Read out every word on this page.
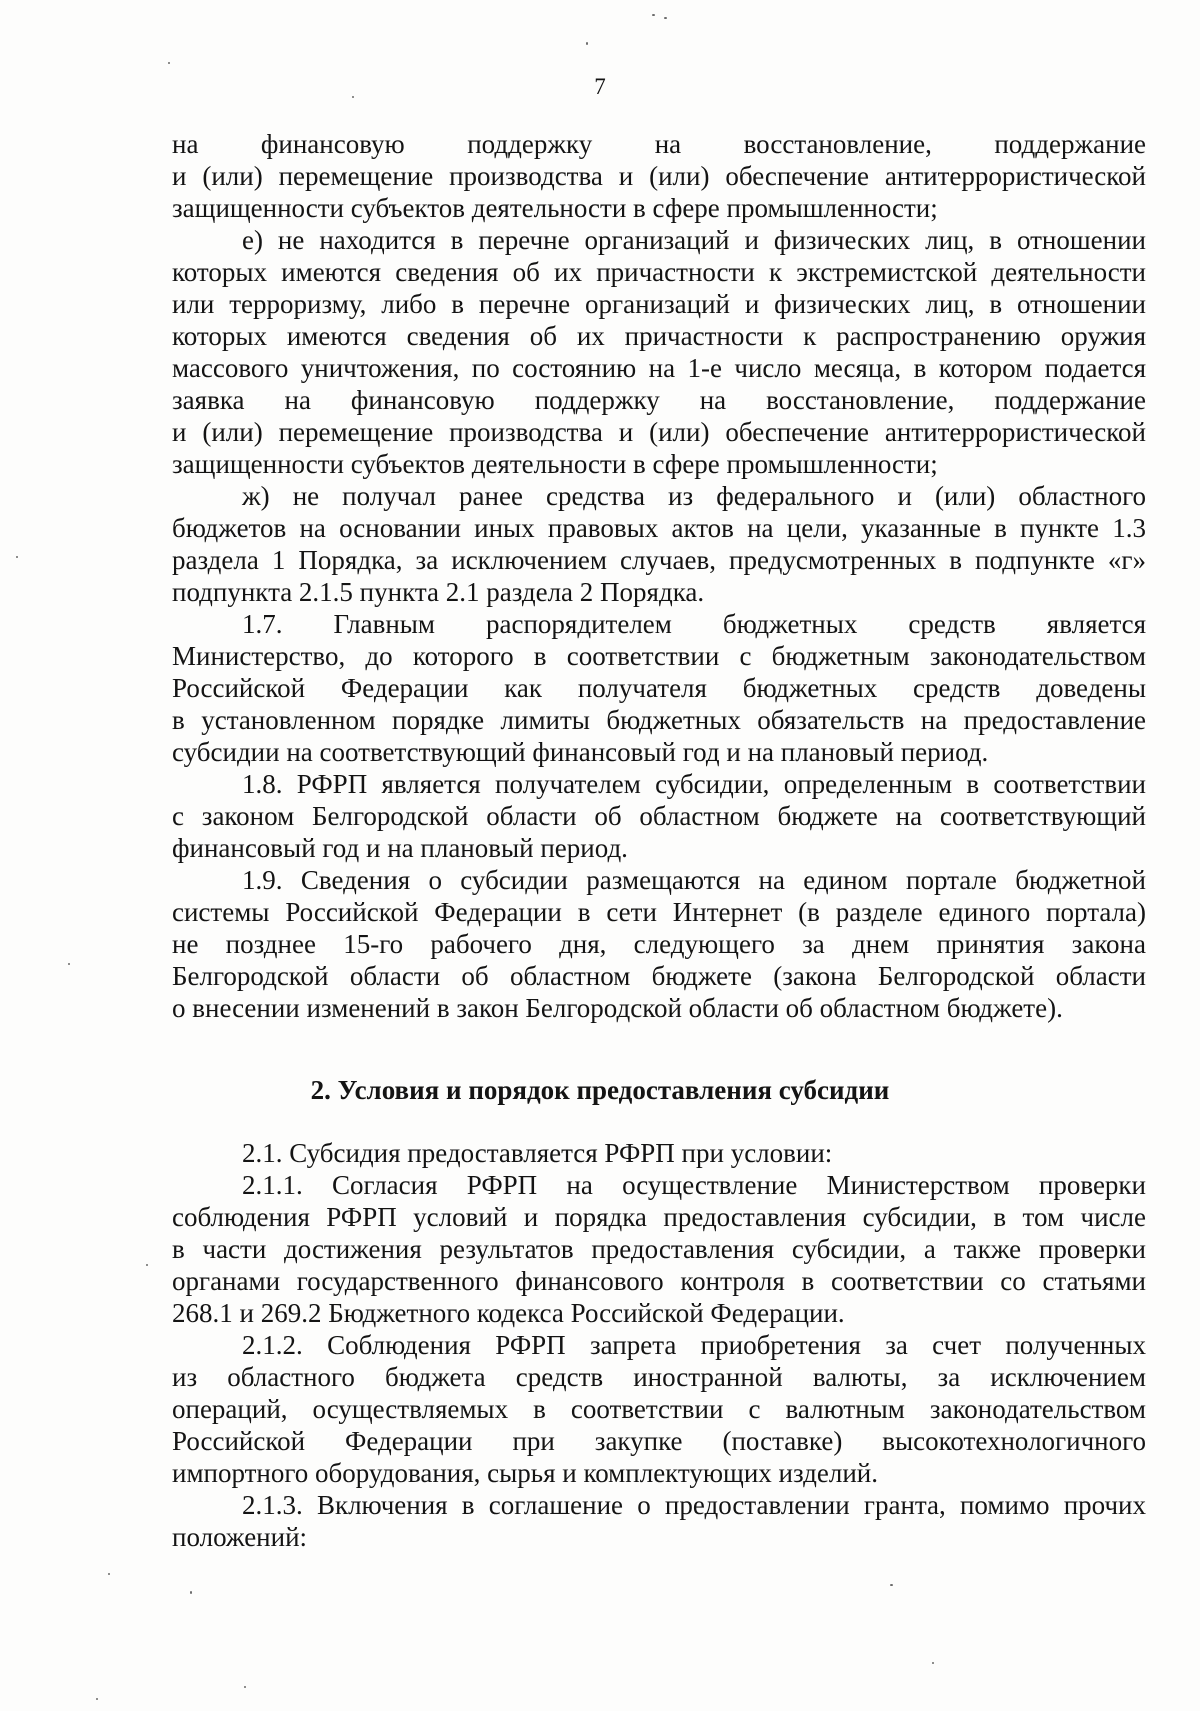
7
на финансовую поддержку на восстановление, поддержание
и (или) перемещение производства и (или) обеспечение антитеррористической
защищенности субъектов деятельности в сфере промышленности;
е) не находится в перечне организаций и физических лиц, в отношении
которых имеются сведения об их причастности к экстремистской деятельности
или терроризму, либо в перечне организаций и физических лиц, в отношении
которых имеются сведения об их причастности к распространению оружия
массового уничтожения, по состоянию на 1-е число месяца, в котором подается
заявка на финансовую поддержку на восстановление, поддержание
и (или) перемещение производства и (или) обеспечение антитеррористической
защищенности субъектов деятельности в сфере промышленности;
ж) не получал ранее средства из федерального и (или) областного
бюджетов на основании иных правовых актов на цели, указанные в пункте 1.3
раздела 1 Порядка, за исключением случаев, предусмотренных в подпункте «г»
подпункта 2.1.5 пункта 2.1 раздела 2 Порядка.
1.7. Главным распорядителем бюджетных средств является
Министерство, до которого в соответствии с бюджетным законодательством
Российской Федерации как получателя бюджетных средств доведены
в установленном порядке лимиты бюджетных обязательств на предоставление
субсидии на соответствующий финансовый год и на плановый период.
1.8. РФРП является получателем субсидии, определенным в соответствии
с законом Белгородской области об областном бюджете на соответствующий
финансовый год и на плановый период.
1.9. Сведения о субсидии размещаются на едином портале бюджетной
системы Российской Федерации в сети Интернет (в разделе единого портала)
не позднее 15-го рабочего дня, следующего за днем принятия закона
Белгородской области об областном бюджете (закона Белгородской области
о внесении изменений в закон Белгородской области об областном бюджете).
2. Условия и порядок предоставления субсидии
2.1. Субсидия предоставляется РФРП при условии:
2.1.1. Согласия РФРП на осуществление Министерством проверки
соблюдения РФРП условий и порядка предоставления субсидии, в том числе
в части достижения результатов предоставления субсидии, а также проверки
органами государственного финансового контроля в соответствии со статьями
268.1 и 269.2 Бюджетного кодекса Российской Федерации.
2.1.2. Соблюдения РФРП запрета приобретения за счет полученных
из областного бюджета средств иностранной валюты, за исключением
операций, осуществляемых в соответствии с валютным законодательством
Российской Федерации при закупке (поставке) высокотехнологичного
импортного оборудования, сырья и комплектующих изделий.
2.1.3. Включения в соглашение о предоставлении гранта, помимо прочих
положений:
